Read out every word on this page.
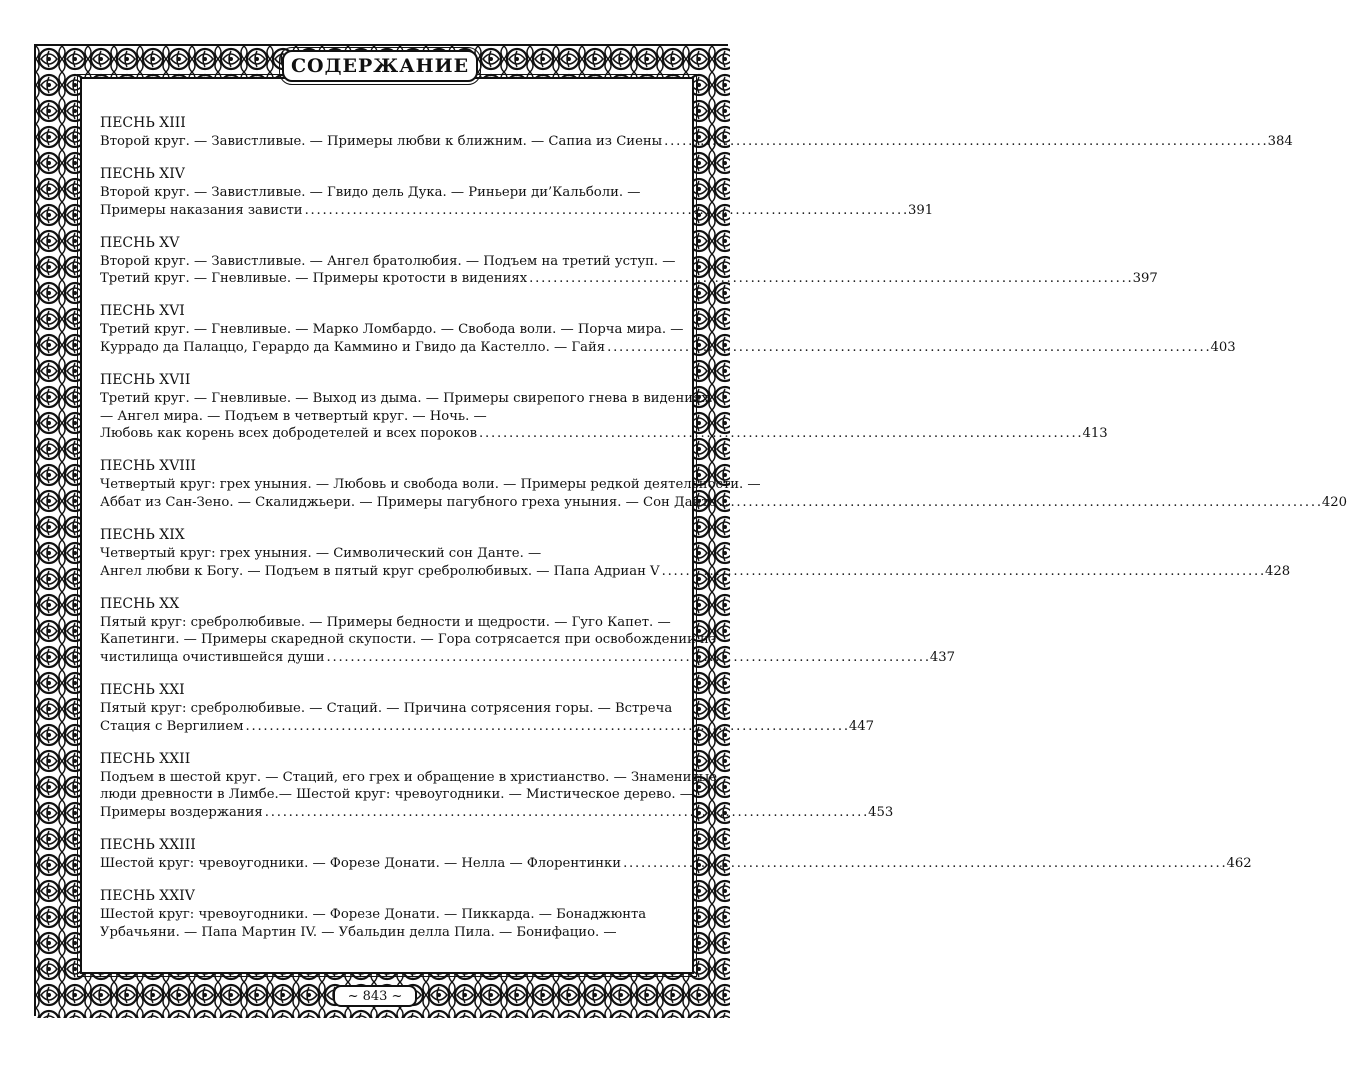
СОДЕРЖАНИЕ
ПЕСНЬ XIII
Второй круг. — Завистливые. — Примеры любви к ближним. — Сапиа из Сиены . . .	384
ПЕСНЬ XIV
Второй круг. — Завистливые. — Гвидо дель Дука. — Риньери ди’Кальболи. —
Примеры наказания зависти . . .	391
ПЕСНЬ XV
Второй круг. — Завистливые. — Ангел братолюбия. — Подъем на третий уступ. —
Третий круг. — Гневливые. — Примеры кротости в видениях . . .	397
ПЕСНЬ XVI
Третий круг. — Гневливые. — Марко Ломбардо. — Свобода воли. — Порча мира. —
Куррадо да Палаццо, Герардо да Каммино и Гвидо да Кастелло. — Гайя . . .	403
ПЕСНЬ XVII
Третий круг. — Гневливые. — Выход из дыма. — Примеры свирепого гнева в видениях.
— Ангел мира. — Подъем в четвертый круг. — Ночь. —
Любовь как корень всех добродетелей и всех пороков . . .	413
ПЕСНЬ XVIII
Четвертый круг: грех уныния. — Любовь и свобода воли. — Примеры редкой деятельности. —
Аббат из Сан-Зено. — Скалиджьери. — Примеры пагубного греха уныния. — Сон Данте . . .	420
ПЕСНЬ XIX
Четвертый круг: грех уныния. — Символический сон Данте. —
Ангел любви к Богу. — Подъем в пятый круг сребролюбивых. — Папа Адриан V . . .	428
ПЕСНЬ XX
Пятый круг: сребролюбивые. — Примеры бедности и щедрости. — Гуго Капет. —
Капетинги. — Примеры скаредной скупости. — Гора сотрясается при освобождении из
чистилища очистившейся души . . .	437
ПЕСНЬ XXI
Пятый круг: сребролюбивые. — Стаций. — Причина сотрясения горы. — Встреча
Стация с Вергилием . . .	447
ПЕСНЬ XXII
Подъем в шестой круг. — Стаций, его грех и обращение в христианство. — Знаменитые
люди древности в Лимбе.— Шестой круг: чревоугодники. — Мистическое дерево. —
Примеры воздержания . . .	453
ПЕСНЬ XXIII
Шестой круг: чревоугодники. — Форезе Донати. — Нелла — Флорентинки . . .	462
ПЕСНЬ XXIV
Шестой круг: чревоугодники. — Форезе Донати. — Пиккарда. — Бонаджюнта
Урбачьяни. — Папа Мартин IV. — Убальдин делла Пила. — Бонифацио. —
~ 843 ~
